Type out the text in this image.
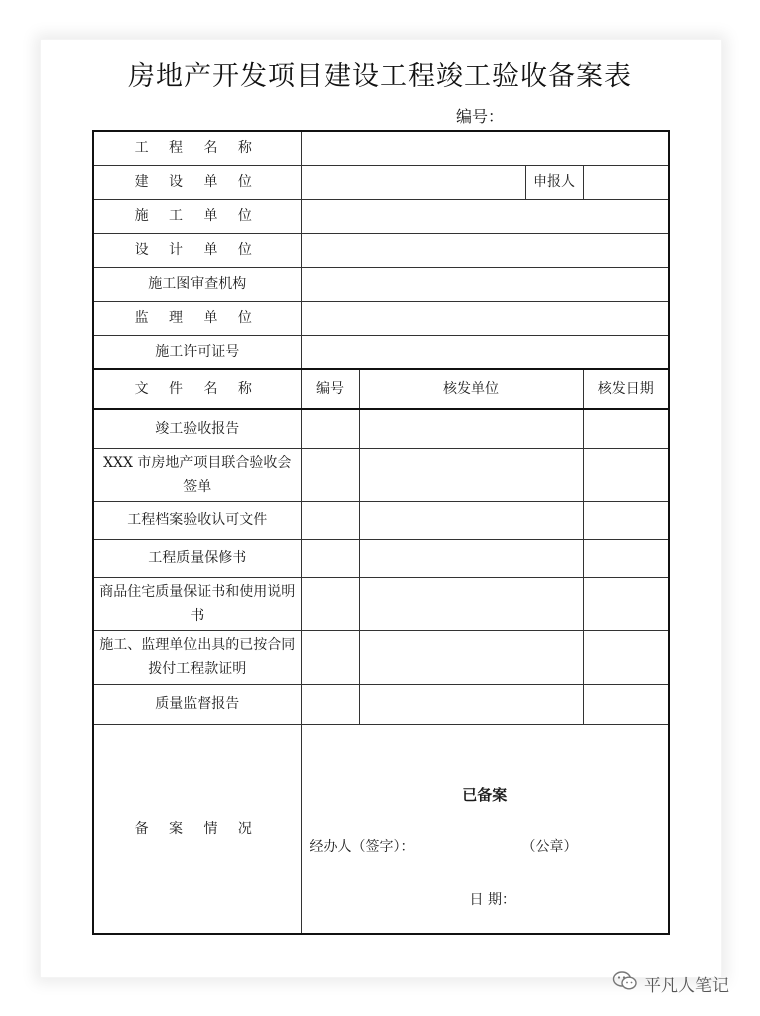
房地产开发项目建设工程竣工验收备案表
编号：
工 程 名 称				
建 设 单 位			申报人	
施 工 单 位				
设 计 单 位				
施工图审查机构				
监 理 单 位				
施工许可证号				
文 件 名 称	编号	核发单位		核发日期
竣工验收报告				
XXX 市房地产项目联合验收会签单				
工程档案验收认可文件				
工程质量保修书				
商品住宅质量保证书和使用说明书				
施工、监理单位出具的已按合同拨付工程款证明				
质量监督报告				
备 案 情 况	已备案
经办人（签字）： （公章）
日 期：			
平凡人笔记
